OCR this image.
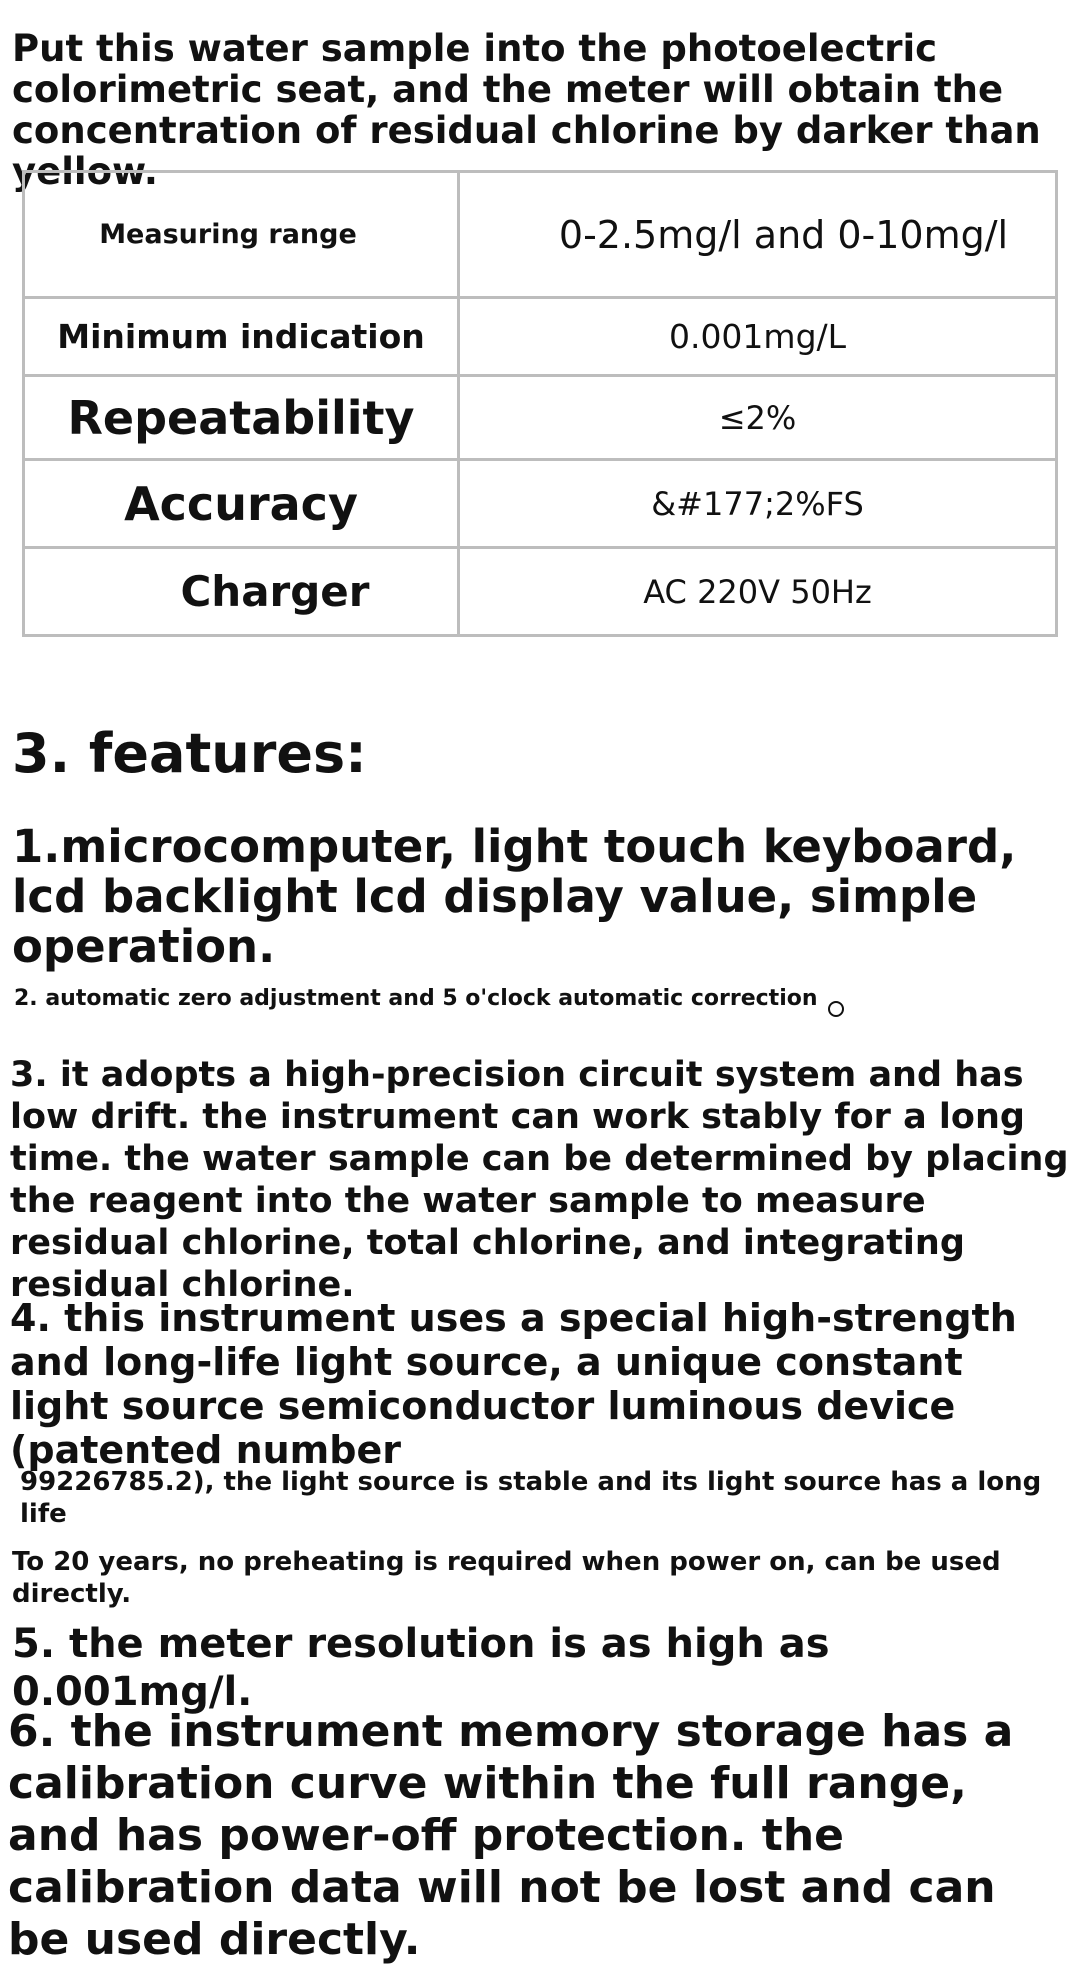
Put this water sample into the photoelectric colorimetric seat, and the meter will obtain the concentration of residual chlorine by darker than yellow.

Measuring range	0-2.5mg/l and 0-10mg/l
Minimum indication	0.001mg/L
Repeatability	≤2%
Accuracy	&#177;2%FS
Charger	AC 220V 50Hz
3. features:

1.microcomputer, light touch keyboard, lcd backlight lcd display value, simple operation.

2. automatic zero adjustment and 5 o'clock automatic correction

3. it adopts a high-precision circuit system and has low drift. the instrument can work stably for a long time. the water sample can be determined by placing the reagent into the water sample to measure residual chlorine, total chlorine, and integrating residual chlorine.

4. this instrument uses a special high-strength and long-life light source, a unique constant light source semiconductor luminous device (patented number

99226785.2), the light source is stable and its light source has a long life

To 20 years, no preheating is required when power on, can be used directly.

5. the meter resolution is as high as 0.001mg/l.

6. the instrument memory storage has a calibration curve within the full range, and has power-off protection. the calibration data will not be lost and can be used directly.
